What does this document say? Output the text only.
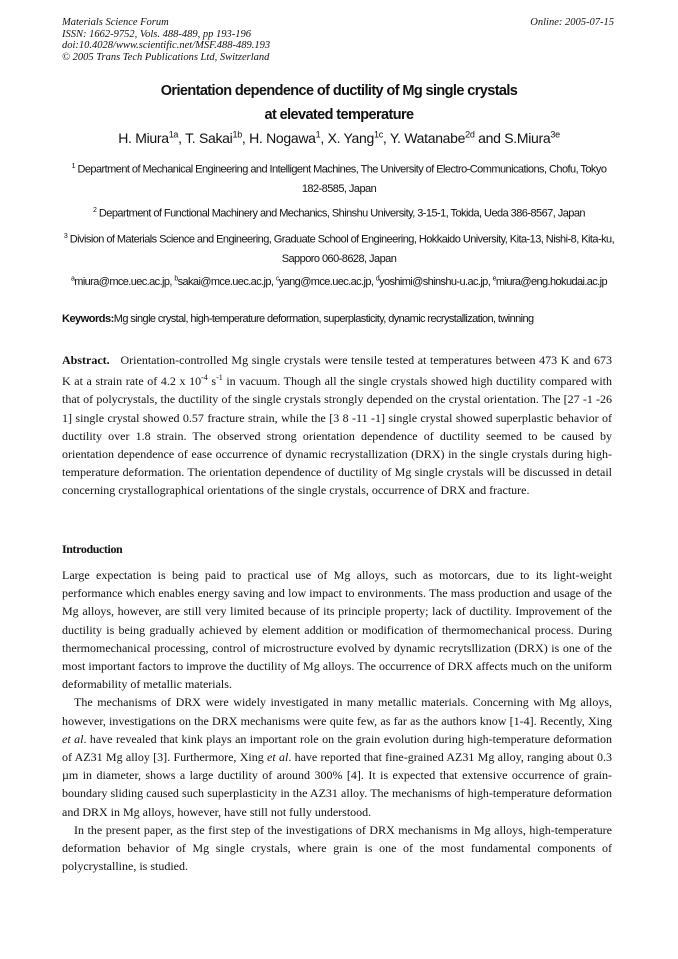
Materials Science Forum
ISSN: 1662-9752, Vols. 488-489, pp 193-196
doi:10.4028/www.scientific.net/MSF.488-489.193
© 2005 Trans Tech Publications Ltd, Switzerland
Online: 2005-07-15
Orientation dependence of ductility of Mg single crystals
at elevated temperature
H. Miura$^{1a}$, T. Sakai$^{1b}$, H. Nogawa$^1$, X. Yang$^{1c}$, Y. Watanabe$^{2d}$ and S.Miura$^{3e}$
$^1$ Department of Mechanical Engineering and Intelligent Machines, The University of Electro-Communications, Chofu, Tokyo 182-8585, Japan
$^2$ Department of Functional Machinery and Mechanics, Shinshu University, 3-15-1, Tokida, Ueda 386-8567, Japan
$^3$ Division of Materials Science and Engineering, Graduate School of Engineering, Hokkaido University, Kita-13, Nishi-8, Kita-ku, Sapporo 060-8628, Japan
$^a$miura@mce.uec.ac.jp, $^b$sakai@mce.uec.ac.jp, $^c$yang@mce.uec.ac.jp, $^d$yoshimi@shinshu-u.ac.jp, $^e$miura@eng.hokudai.ac.jp
Keywords:Mg single crystal, high-temperature deformation, superplasticity, dynamic recrystallization, twinning

Abstract. Orientation-controlled Mg single crystals were tensile tested at temperatures between 473 K and 673 K at a strain rate of 4.2 x $10^{-4}$ $s^{-1}$ in vacuum. Though all the single crystals showed high ductility compared with that of polycrystals, the ductility of the single crystals strongly depended on the crystal orientation. The [27 -1 -26 1] single crystal showed 0.57 fracture strain, while the [3 8 -11 -1] single crystal showed superplastic behavior of ductility over 1.8 strain. The observed strong orientation dependence of ductility seemed to be caused by orientation dependence of ease occurrence of dynamic recrystallization (DRX) in the single crystals during high-temperature deformation. The orientation dependence of ductility of Mg single crystals will be discussed in detail concerning crystallographical orientations of the single crystals, occurrence of DRX and fracture.

Introduction

Large expectation is being paid to practical use of Mg alloys, such as motorcars, due to its light-weight performance which enables energy saving and low impact to environments. The mass production and usage of the Mg alloys, however, are still very limited because of its principle property; lack of ductility. Improvement of the ductility is being gradually achieved by element addition or modification of thermomechanical process. During thermomechanical processing, control of microstructure evolved by dynamic recrytsllization (DRX) is one of the most important factors to improve the ductility of Mg alloys. The occurrence of DRX affects much on the uniform deformability of metallic materials.

The mechanisms of DRX were widely investigated in many metallic materials. Concerning with Mg alloys, however, investigations on the DRX mechanisms were quite few, as far as the authors know [1-4]. Recently, Xing et al. have revealed that kink plays an important role on the grain evolution during high-temperature deformation of AZ31 Mg alloy [3]. Furthermore, Xing et al. have reported that fine-grained AZ31 Mg alloy, ranging about 0.3 µm in diameter, shows a large ductility of around 300% [4]. It is expected that extensive occurrence of grain-boundary sliding caused such superplasticity in the AZ31 alloy. The mechanisms of high-temperature deformation and DRX in Mg alloys, however, have still not fully understood.

In the present paper, as the first step of the investigations of DRX mechanisms in Mg alloys, high-temperature deformation behavior of Mg single crystals, where grain is one of the most fundamental components of polycrystalline, is studied.
